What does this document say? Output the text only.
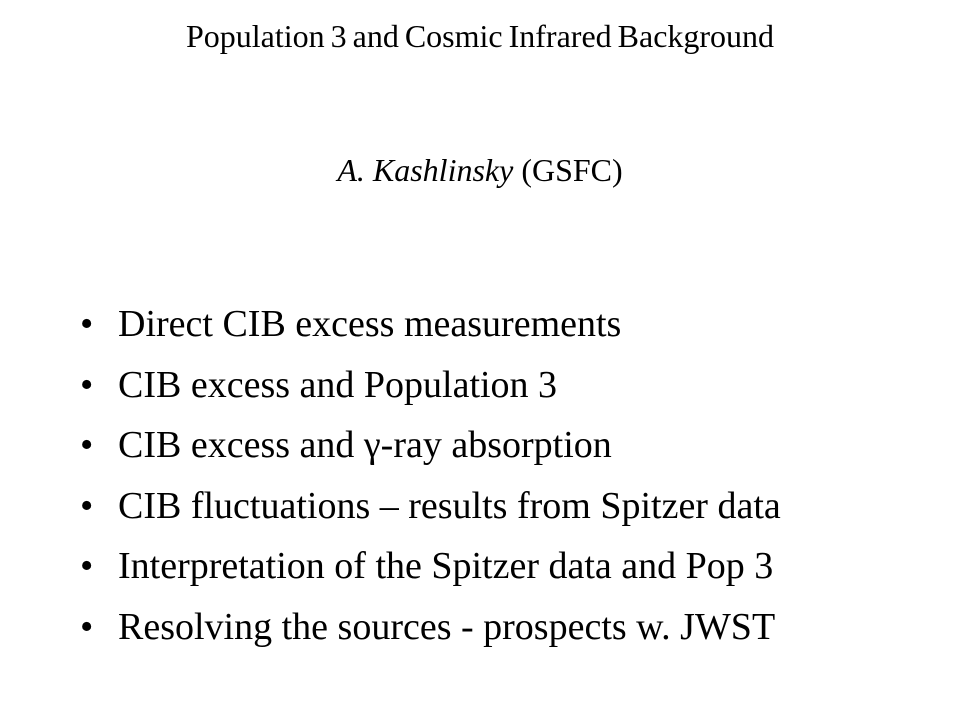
Population 3 and Cosmic Infrared Background
A. Kashlinsky (GSFC)
• Direct CIB excess measurements
• CIB excess and Population 3
• CIB excess and γ-ray absorption
• CIB fluctuations – results from Spitzer data
• Interpretation of the Spitzer data and Pop 3
• Resolving the sources - prospects w. JWST
